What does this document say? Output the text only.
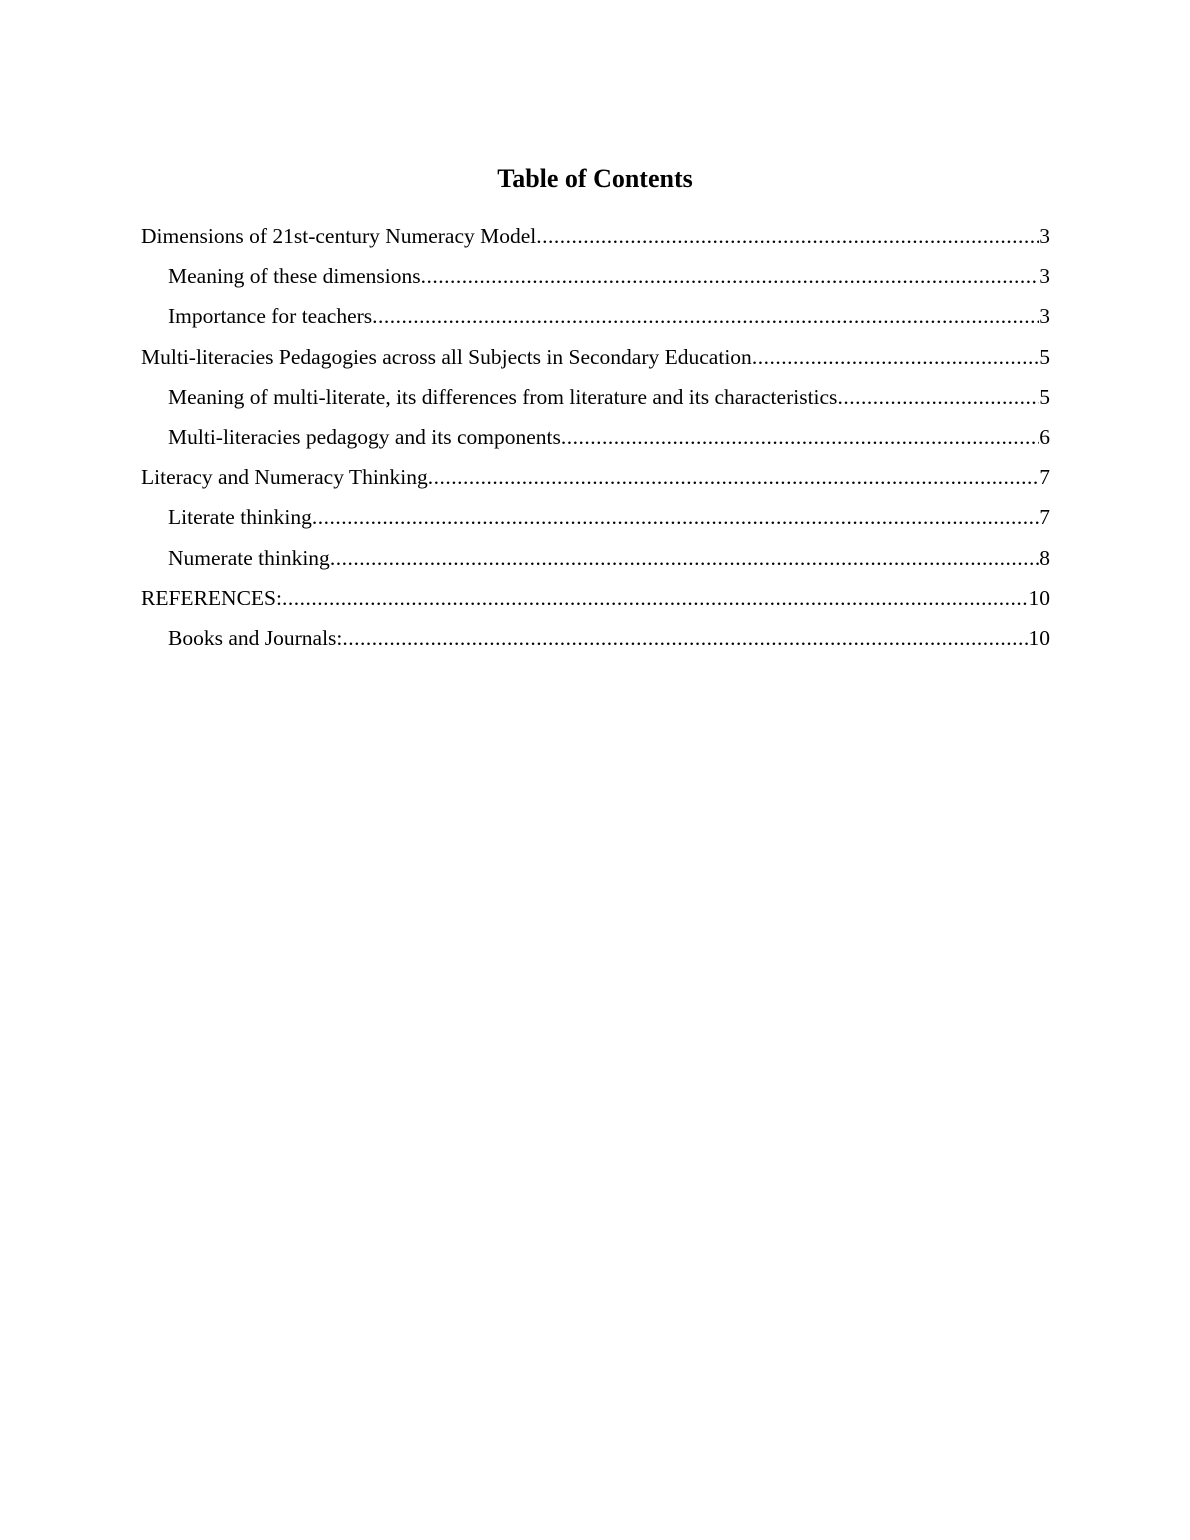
Table of Contents
Dimensions of 21st-century Numeracy Model .....	3
Meaning of these dimensions .....	3
Importance for teachers .....	3
Multi-literacies Pedagogies across all Subjects in Secondary Education .....	5
Meaning of multi-literate, its differences from literature and its characteristics .....	5
Multi-literacies pedagogy and its components .....	6
Literacy and Numeracy Thinking .....	7
Literate thinking .....	7
Numerate thinking .....	8
REFERENCES: .....	10
Books and Journals: .....	10
